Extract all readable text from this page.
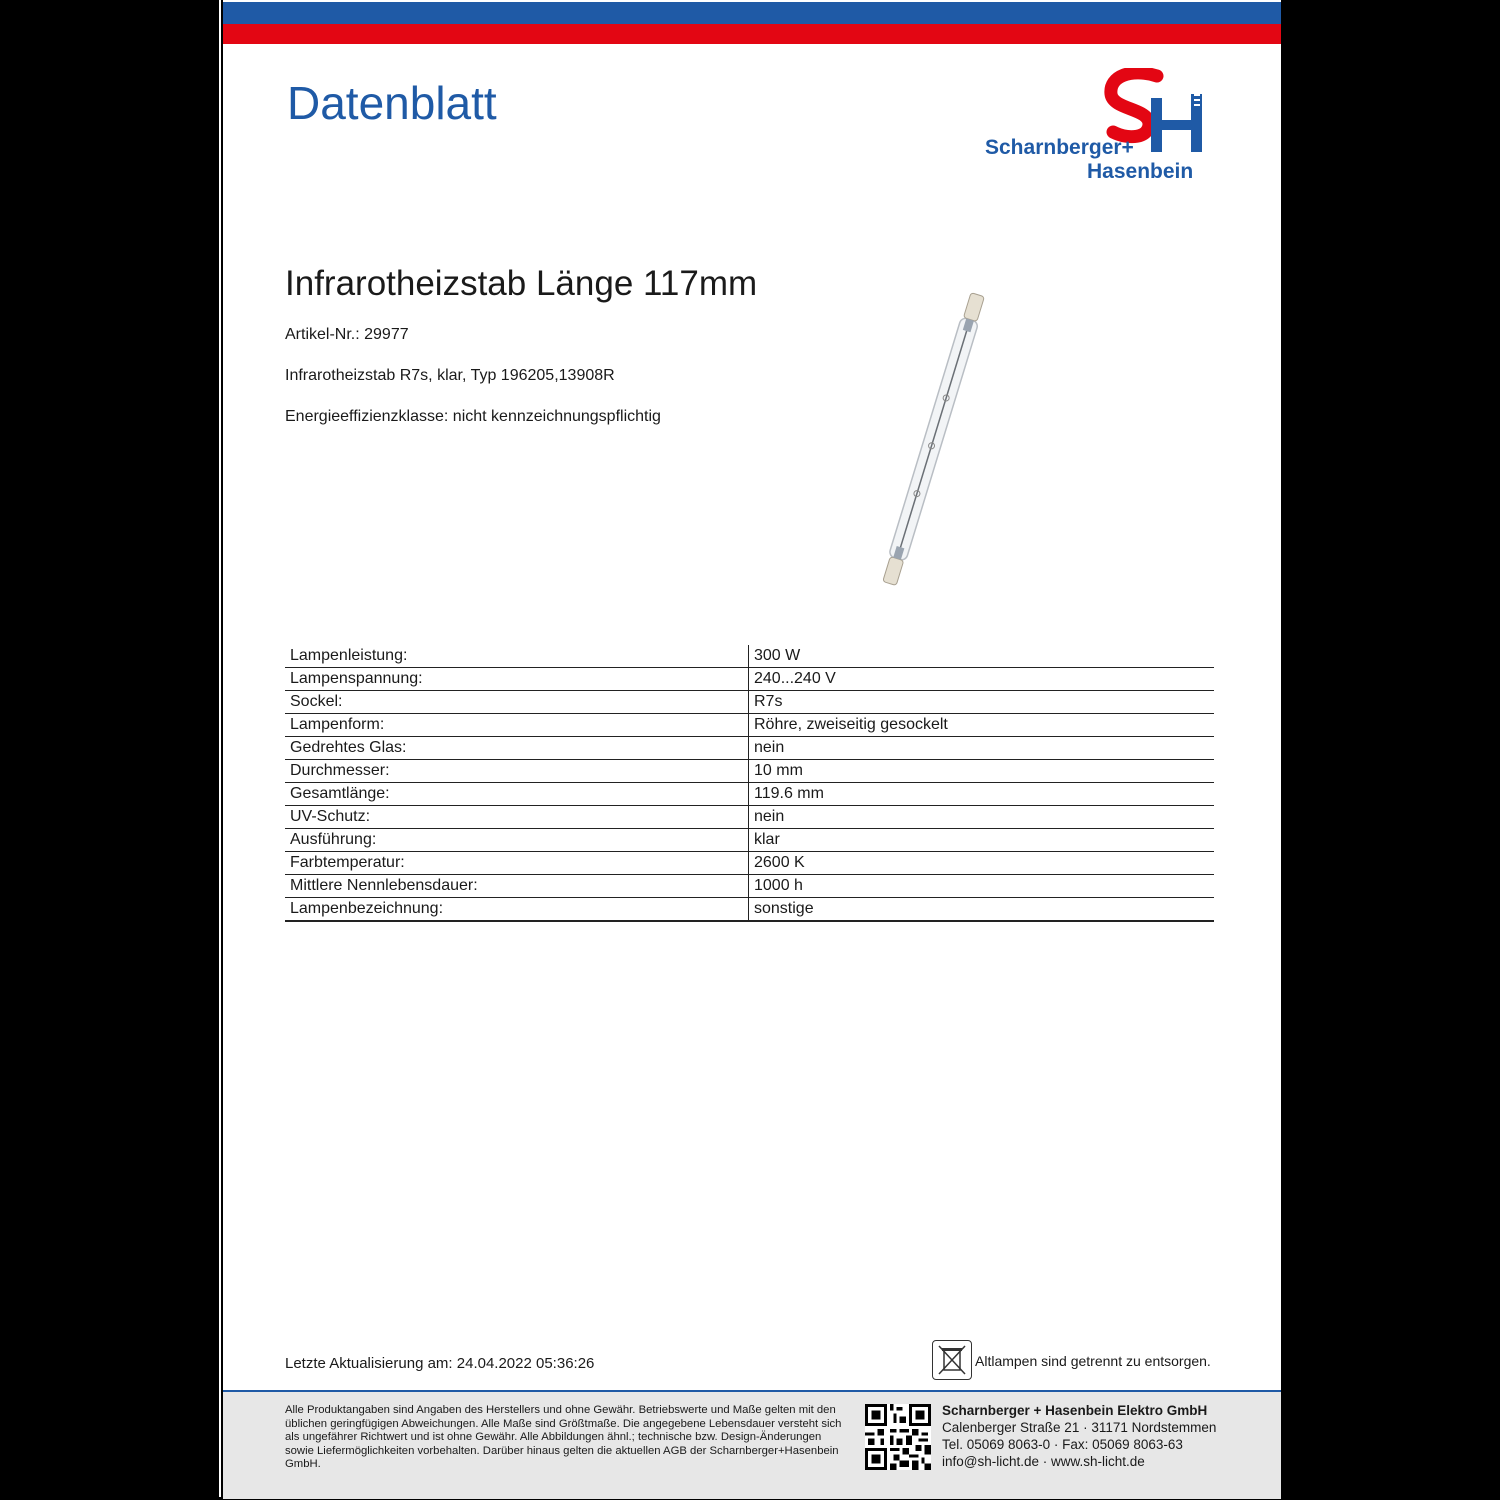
Datenblatt
Scharnberger+
Hasenbein
Infrarotheizstab Länge 117mm
Artikel-Nr.: 29977
Infrarotheizstab R7s, klar, Typ 196205,13908R
Energieeffizienzklasse: nicht kennzeichnungspflichtig
Lampenleistung:	300 W
Lampenspannung:	240...240 V
Sockel:	R7s
Lampenform:	Röhre, zweiseitig gesockelt
Gedrehtes Glas:	nein
Durchmesser:	10 mm
Gesamtlänge:	119.6 mm
UV-Schutz:	nein
Ausführung:	klar
Farbtemperatur:	2600 K
Mittlere Nennlebensdauer:	1000 h
Lampenbezeichnung:	sonstige
Letzte Aktualisierung am: 24.04.2022 05:36:26	Altlampen sind getrennt zu entsorgen.
Alle Produktangaben sind Angaben des Herstellers und ohne Gewähr. Betriebswerte und Maße gelten mit den üblichen geringfügigen Abweichungen. Alle Maße sind Größtmaße. Die angegebene Lebensdauer versteht sich als ungefährer Richtwert und ist ohne Gewähr. Alle Abbildungen ähnl.; technische bzw. Design-Änderungen sowie Liefermöglichkeiten vorbehalten. Darüber hinaus gelten die aktuellen AGB der Scharnberger+Hasenbein GmbH.
Scharnberger + Hasenbein Elektro GmbH
Calenberger Straße 21 · 31171 Nordstemmen
Tel. 05069 8063-0 · Fax: 05069 8063-63
info@sh-licht.de · www.sh-licht.de
